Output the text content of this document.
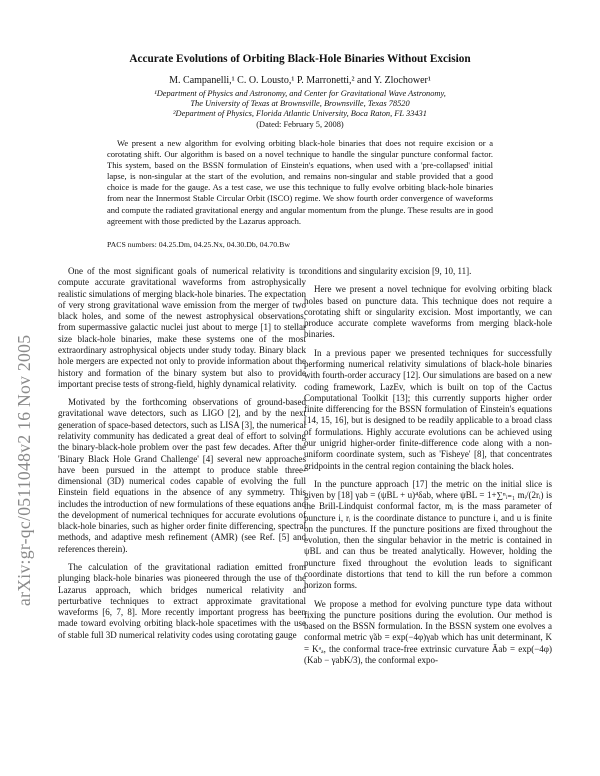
arXiv:gr-qc/0511048v2 16 Nov 2005
Accurate Evolutions of Orbiting Black-Hole Binaries Without Excision
M. Campanelli,¹ C. O. Lousto,¹ P. Marronetti,² and Y. Zlochower¹
¹Department of Physics and Astronomy, and Center for Gravitational Wave Astronomy,
The University of Texas at Brownsville, Brownsville, Texas 78520
²Department of Physics, Florida Atlantic University, Boca Raton, FL 33431
(Dated: February 5, 2008)

We present a new algorithm for evolving orbiting black-hole binaries that does not require excision or a corotating shift. Our algorithm is based on a novel technique to handle the singular puncture conformal factor. This system, based on the BSSN formulation of Einstein's equations, when used with a 'pre-collapsed' initial lapse, is non-singular at the start of the evolution, and remains non-singular and stable provided that a good choice is made for the gauge. As a test case, we use this technique to fully evolve orbiting black-hole binaries from near the Innermost Stable Circular Orbit (ISCO) regime. We show fourth order convergence of waveforms and compute the radiated gravitational energy and angular momentum from the plunge. These results are in good agreement with those predicted by the Lazarus approach.

PACS numbers: 04.25.Dm, 04.25.Nx, 04.30.Db, 04.70.Bw

One of the most significant goals of numerical relativity is to compute accurate gravitational waveforms from astrophysically realistic simulations of merging black-hole binaries. The expectation of very strong gravitational wave emission from the merger of two black holes, and some of the newest astrophysical observations, from supermassive galactic nuclei just about to merge [1] to stellar size black-hole binaries, make these systems one of the most extraordinary astrophysical objects under study today. Binary black hole mergers are expected not only to provide information about the history and formation of the binary system but also to provide important precise tests of strong-field, highly dynamical relativity.

Motivated by the forthcoming observations of ground-based gravitational wave detectors, such as LIGO [2], and by the next generation of space-based detectors, such as LISA [3], the numerical relativity community has dedicated a great deal of effort to solving the binary-black-hole problem over the past few decades. After the 'Binary Black Hole Grand Challenge' [4] several new approaches have been pursued in the attempt to produce stable three-dimensional (3D) numerical codes capable of evolving the full Einstein field equations in the absence of any symmetry. This includes the introduction of new formulations of these equations and the development of numerical techniques for accurate evolutions of black-hole binaries, such as higher order finite differencing, spectral methods, and adaptive mesh refinement (AMR) (see Ref. [5] and references therein).

The calculation of the gravitational radiation emitted from plunging black-hole binaries was pioneered through the use of the Lazarus approach, which bridges numerical relativity and perturbative techniques to extract approximate gravitational waveforms [6, 7, 8]. More recently important progress has been made toward evolving orbiting black-hole spacetimes with the use of stable full 3D numerical relativity codes using corotating gauge

conditions and singularity excision [9, 10, 11].

Here we present a novel technique for evolving orbiting black holes based on puncture data. This technique does not require a corotating shift or singularity excision. Most importantly, we can produce accurate complete waveforms from merging black-hole binaries.

In a previous paper we presented techniques for successfully performing numerical relativity simulations of black-hole binaries with fourth-order accuracy [12]. Our simulations are based on a new coding framework, LazEv, which is built on top of the Cactus Computational Toolkit [13]; this currently supports higher order finite differencing for the BSSN formulation of Einstein's equations [14, 15, 16], but is designed to be readily applicable to a broad class of formulations. Highly accurate evolutions can be achieved using our unigrid higher-order finite-difference code along with a non-uniform coordinate system, such as 'Fisheye' [8], that concentrates gridpoints in the central region containing the black holes.

In the puncture approach [17] the metric on the initial slice is given by [18] γab = (ψBL + u)⁴δab, where ψBL = 1+∑ⁿᵢ₌₁ mᵢ/(2rᵢ) is the Brill-Lindquist conformal factor, mᵢ is the mass parameter of puncture i, rᵢ is the coordinate distance to puncture i, and u is finite on the punctures. If the puncture positions are fixed throughout the evolution, then the singular behavior in the metric is contained in ψBL and can thus be treated analytically. However, holding the puncture fixed throughout the evolution leads to significant coordinate distortions that tend to kill the run before a common horizon forms.

We propose a method for evolving puncture type data without fixing the puncture positions during the evolution. Our method is based on the BSSN formulation. In the BSSN system one evolves a conformal metric γ̃ab = exp(−4φ)γab which has unit determinant, K = Kᵃₐ, the conformal trace-free extrinsic curvature Ãab = exp(−4φ)(Kab − γabK/3), the conformal expo-
